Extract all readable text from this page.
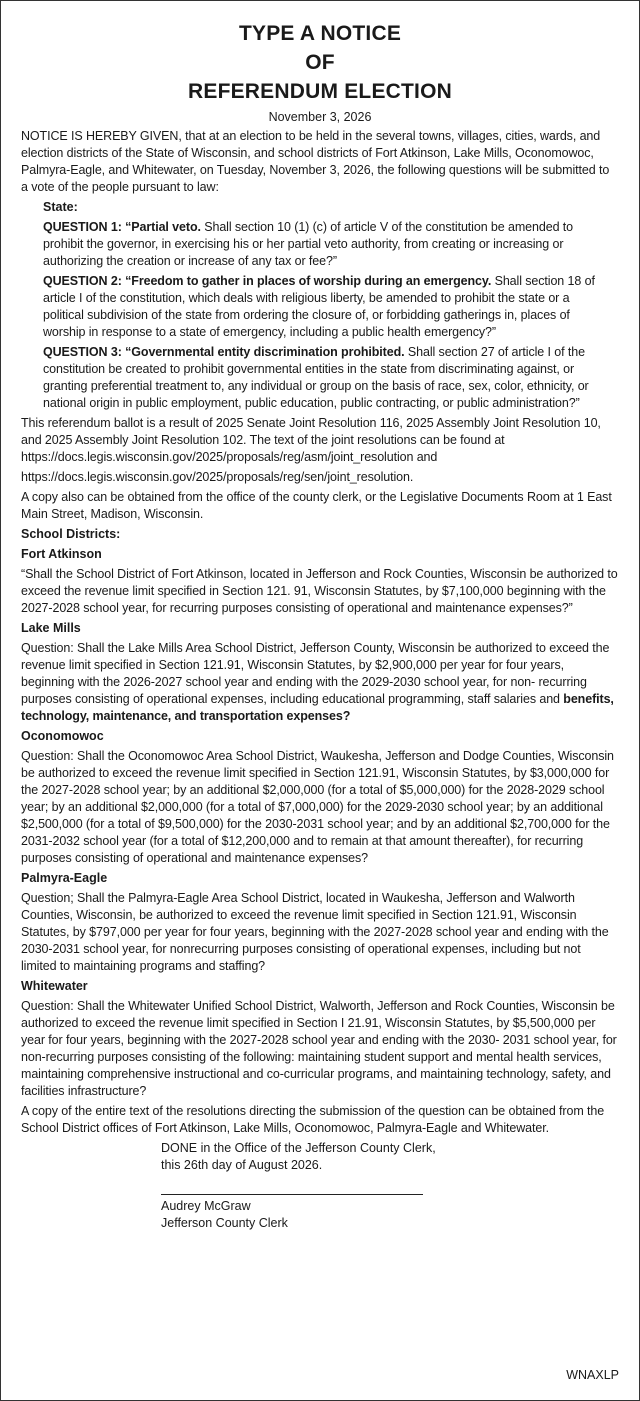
TYPE A NOTICE
OF
REFERENDUM ELECTION
November 3, 2026

NOTICE IS HEREBY GIVEN, that at an election to be held in the several towns, villages, cities, wards, and election districts of the State of Wisconsin, and school districts of Fort Atkinson, Lake Mills, Oconomowoc, Palmyra-Eagle, and Whitewater, on Tuesday, November 3, 2026, the following questions will be submitted to a vote of the people pursuant to law:

State:

QUESTION 1: “Partial veto. Shall section 10 (1) (c) of article V of the constitution be amended to prohibit the governor, in exercising his or her partial veto authority, from creating or increasing or authorizing the creation or increase of any tax or fee?”

QUESTION 2: “Freedom to gather in places of worship during an emergency. Shall section 18 of article I of the constitution, which deals with religious liberty, be amended to prohibit the state or a political subdivision of the state from ordering the closure of, or forbidding gatherings in, places of worship in response to a state of emergency, including a public health emergency?”

QUESTION 3: “Governmental entity discrimination prohibited. Shall section 27 of article I of the constitution be created to prohibit governmental entities in the state from discriminating against, or granting preferential treatment to, any individual or group on the basis of race, sex, color, ethnicity, or national origin in public employment, public education, public contracting, or public administration?”

This referendum ballot is a result of 2025 Senate Joint Resolution 116, 2025 Assembly Joint Resolution 10, and 2025 Assembly Joint Resolution 102. The text of the joint resolutions can be found at https://docs.legis.wisconsin.gov/2025/proposals/reg/asm/joint_resolution and

https://docs.legis.wisconsin.gov/2025/proposals/reg/sen/joint_resolution.

A copy also can be obtained from the office of the county clerk, or the Legislative Documents Room at 1 East Main Street, Madison, Wisconsin.

School Districts:
Fort Atkinson

“Shall the School District of Fort Atkinson, located in Jefferson and Rock Counties, Wisconsin be authorized to exceed the revenue limit specified in Section 121. 91, Wisconsin Statutes, by $7,100,000 beginning with the 2027-2028 school year, for recurring purposes consisting of operational and maintenance expenses?”

Lake Mills

Question: Shall the Lake Mills Area School District, Jefferson County, Wisconsin be authorized to exceed the revenue limit specified in Section 121.91, Wisconsin Statutes, by $2,900,000 per year for four years, beginning with the 2026-2027 school year and ending with the 2029-2030 school year, for non- recurring purposes consisting of operational expenses, including educational programming, staff salaries and benefits, technology, maintenance, and transportation expenses?

Oconomowoc

Question: Shall the Oconomowoc Area School District, Waukesha, Jefferson and Dodge Counties, Wisconsin be authorized to exceed the revenue limit specified in Section 121.91, Wisconsin Statutes, by $3,000,000 for the 2027-2028 school year; by an additional $2,000,000 (for a total of $5,000,000) for the 2028-2029 school year; by an additional $2,000,000 (for a total of $7,000,000) for the 2029-2030 school year; by an additional $2,500,000 (for a total of $9,500,000) for the 2030-2031 school year; and by an additional $2,700,000 for the 2031-2032 school year (for a total of $12,200,000 and to remain at that amount thereafter), for recurring purposes consisting of operational and maintenance expenses?

Palmyra-Eagle

Question; Shall the Palmyra-Eagle Area School District, located in Waukesha, Jefferson and Walworth Counties, Wisconsin, be authorized to exceed the revenue limit specified in Section 121.91, Wisconsin Statutes, by $797,000 per year for four years, beginning with the 2027-2028 school year and ending with the 2030-2031 school year, for nonrecurring purposes consisting of operational expenses, including but not limited to maintaining programs and staffing?

Whitewater

Question: Shall the Whitewater Unified School District, Walworth, Jefferson and Rock Counties, Wisconsin be authorized to exceed the revenue limit specified in Section I 21.91, Wisconsin Statutes, by $5,500,000 per year for four years, beginning with the 2027-2028 school year and ending with the 2030- 2031 school year, for non-recurring purposes consisting of the following: maintaining student support and mental health services, maintaining comprehensive instructional and co-curricular programs, and maintaining technology, safety, and facilities infrastructure?

A copy of the entire text of the resolutions directing the submission of the question can be obtained from the School District offices of Fort Atkinson, Lake Mills, Oconomowoc, Palmyra-Eagle and Whitewater.

DONE in the Office of the Jefferson County Clerk,
this 26th day of August 2026.
Audrey McGraw
Jefferson County Clerk
WNAXLP
